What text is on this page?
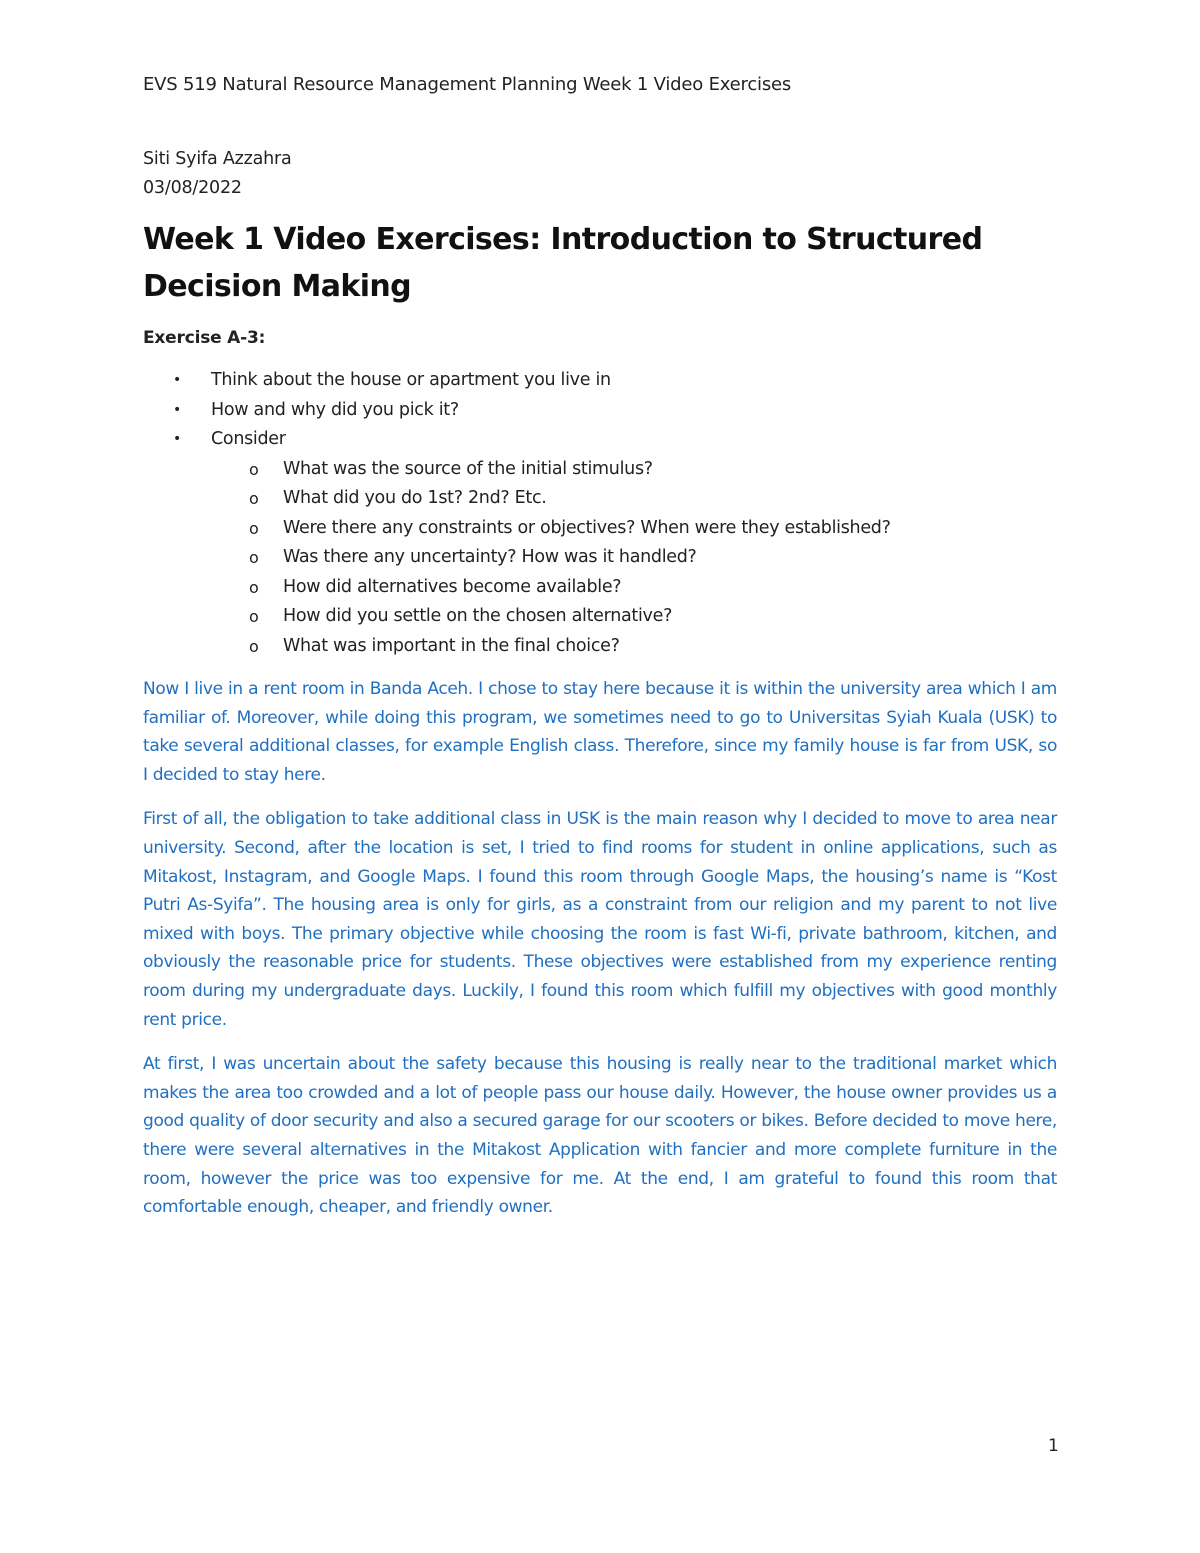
EVS 519 Natural Resource Management Planning Week 1 Video Exercises
Siti Syifa Azzahra
03/08/2022
Week 1 Video Exercises: Introduction to Structured Decision Making
Exercise A-3:
• Think about the house or apartment you live in
• How and why did you pick it?
• Consider
o What was the source of the initial stimulus?
o What did you do 1st? 2nd? Etc.
o Were there any constraints or objectives? When were they established?
o Was there any uncertainty? How was it handled?
o How did alternatives become available?
o How did you settle on the chosen alternative?
o What was important in the final choice?

Now I live in a rent room in Banda Aceh. I chose to stay here because it is within the university area which I am familiar of. Moreover, while doing this program, we sometimes need to go to Universitas Syiah Kuala (USK) to take several additional classes, for example English class. Therefore, since my family house is far from USK, so I decided to stay here.

First of all, the obligation to take additional class in USK is the main reason why I decided to move to area near university. Second, after the location is set, I tried to find rooms for student in online applications, such as Mitakost, Instagram, and Google Maps. I found this room through Google Maps, the housing’s name is “Kost Putri As-Syifa”. The housing area is only for girls, as a constraint from our religion and my parent to not live mixed with boys. The primary objective while choosing the room is fast Wi-fi, private bathroom, kitchen, and obviously the reasonable price for students. These objectives were established from my experience renting room during my undergraduate days. Luckily, I found this room which fulfill my objectives with good monthly rent price.

At first, I was uncertain about the safety because this housing is really near to the traditional market which makes the area too crowded and a lot of people pass our house daily. However, the house owner provides us a good quality of door security and also a secured garage for our scooters or bikes. Before decided to move here, there were several alternatives in the Mitakost Application with fancier and more complete furniture in the room, however the price was too expensive for me. At the end, I am grateful to found this room that comfortable enough, cheaper, and friendly owner.

1
